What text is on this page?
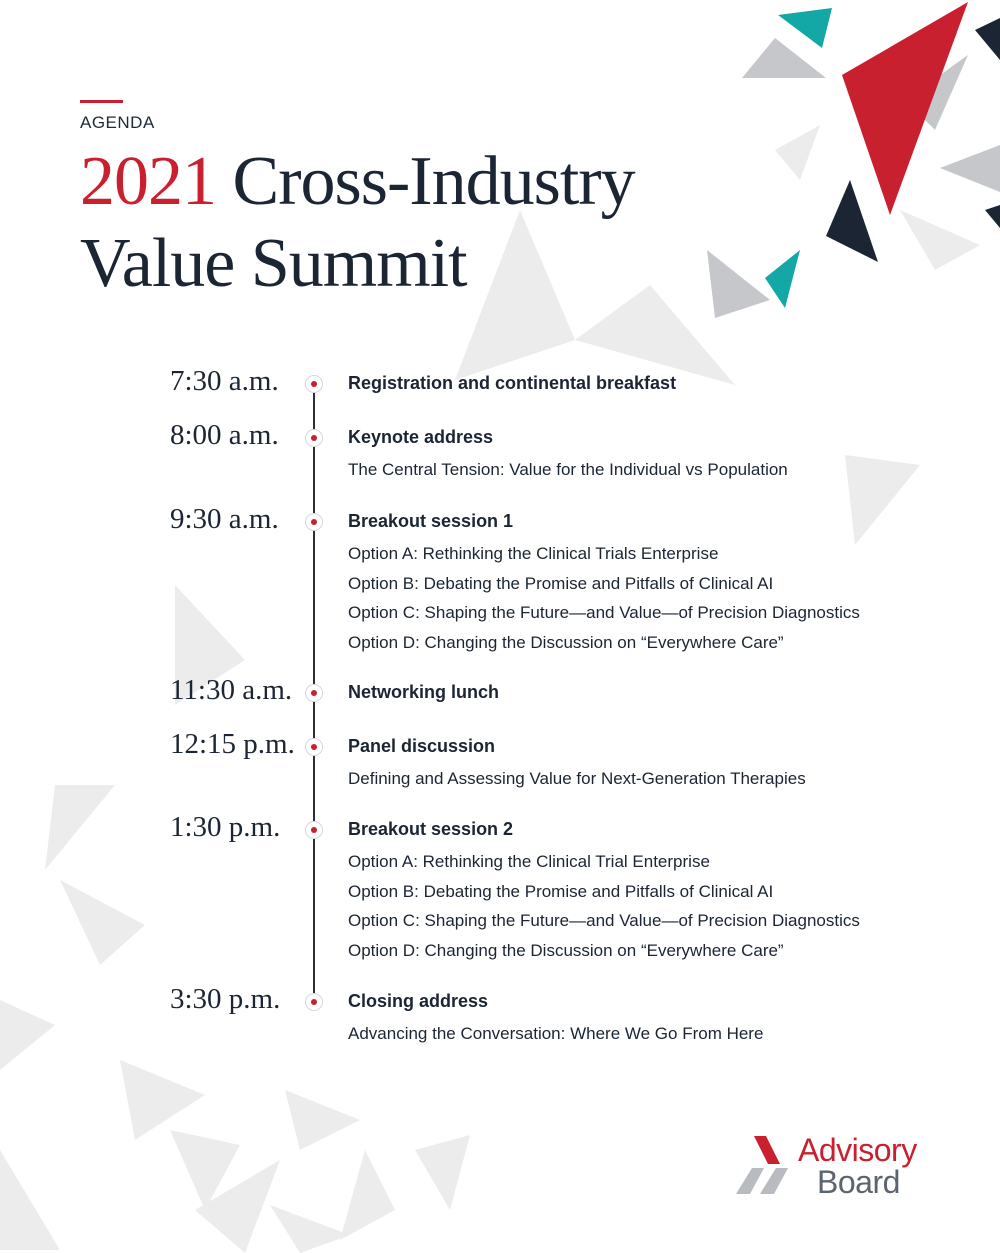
AGENDA
2021 Cross-Industry
Value Summit
7:30 a.m.	Registration and continental breakfast
8:00 a.m.	Keynote address
The Central Tension: Value for the Individual vs Population
9:30 a.m.	Breakout session 1
Option A: Rethinking the Clinical Trials Enterprise
Option B: Debating the Promise and Pitfalls of Clinical AI
Option C: Shaping the Future—and Value—of Precision Diagnostics
Option D: Changing the Discussion on “Everywhere Care”
11:30 a.m.	Networking lunch
12:15 p.m.	Panel discussion
Defining and Assessing Value for Next-Generation Therapies
1:30 p.m.	Breakout session 2
Option A: Rethinking the Clinical Trial Enterprise
Option B: Debating the Promise and Pitfalls of Clinical AI
Option C: Shaping the Future—and Value—of Precision Diagnostics
Option D: Changing the Discussion on “Everywhere Care”
3:30 p.m.	Closing address
Advancing the Conversation: Where We Go From Here
Advisory
Board
